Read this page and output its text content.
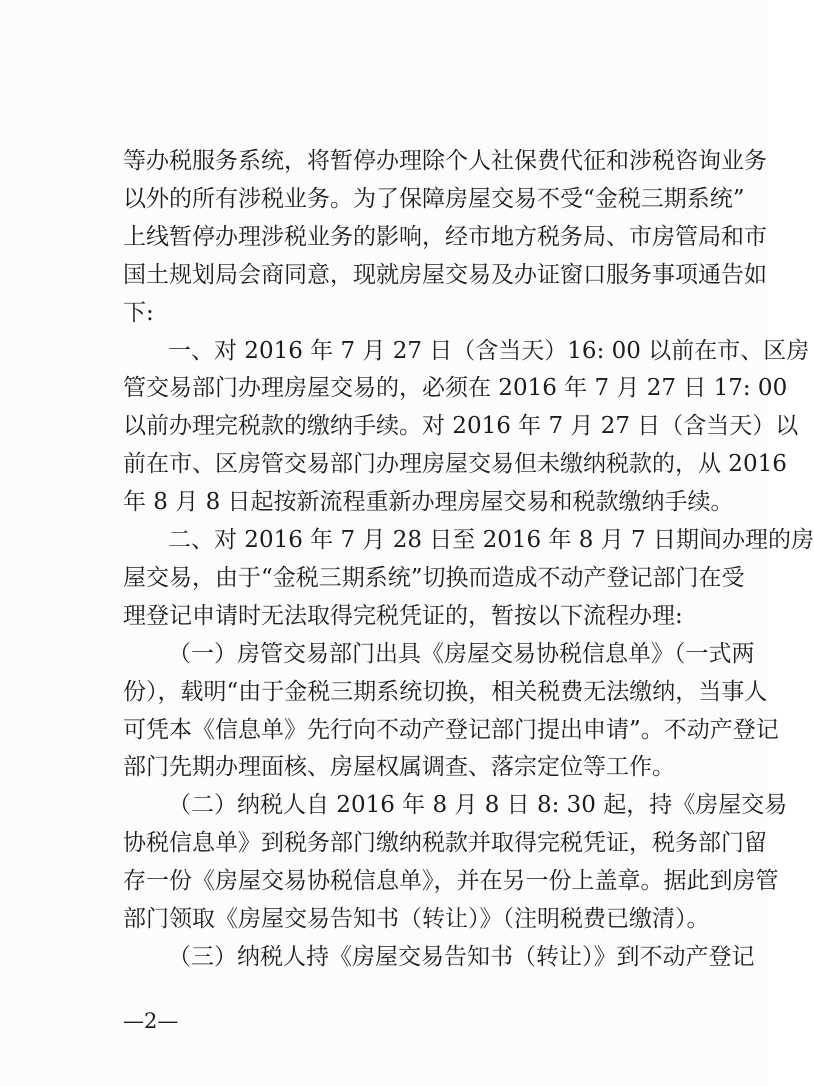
等办税服务系统，将暂停办理除个人社保费代征和涉税咨询业务

以外的所有涉税业务。为了保障房屋交易不受“金税三期系统”

上线暂停办理涉税业务的影响，经市地方税务局、市房管局和市

国土规划局会商同意，现就房屋交易及办证窗口服务事项通告如

下:

一、对 2016 年 7 月 27 日（含当天）16: 00 以前在市、区房

管交易部门办理房屋交易的，必须在 2016 年 7 月 27 日 17: 00

以前办理完税款的缴纳手续。对 2016 年 7 月 27 日（含当天）以

前在市、区房管交易部门办理房屋交易但未缴纳税款的，从 2016

年 8 月 8 日起按新流程重新办理房屋交易和税款缴纳手续。

二、对 2016 年 7 月 28 日至 2016 年 8 月 7 日期间办理的房

屋交易，由于“金税三期系统”切换而造成不动产登记部门在受

理登记申请时无法取得完税凭证的，暂按以下流程办理:

（一）房管交易部门出具《房屋交易协税信息单》（一式两

份），载明“由于金税三期系统切换，相关税费无法缴纳，当事人

可凭本《信息单》先行向不动产登记部门提出申请”。不动产登记

部门先期办理面核、房屋权属调查、落宗定位等工作。

（二）纳税人自 2016 年 8 月 8 日 8: 30 起，持《房屋交易

协税信息单》到税务部门缴纳税款并取得完税凭证，税务部门留

存一份《房屋交易协税信息单》，并在另一份上盖章。据此到房管

部门领取《房屋交易告知书（转让）》（注明税费已缴清）。

（三）纳税人持《房屋交易告知书（转让）》到不动产登记

—2—
